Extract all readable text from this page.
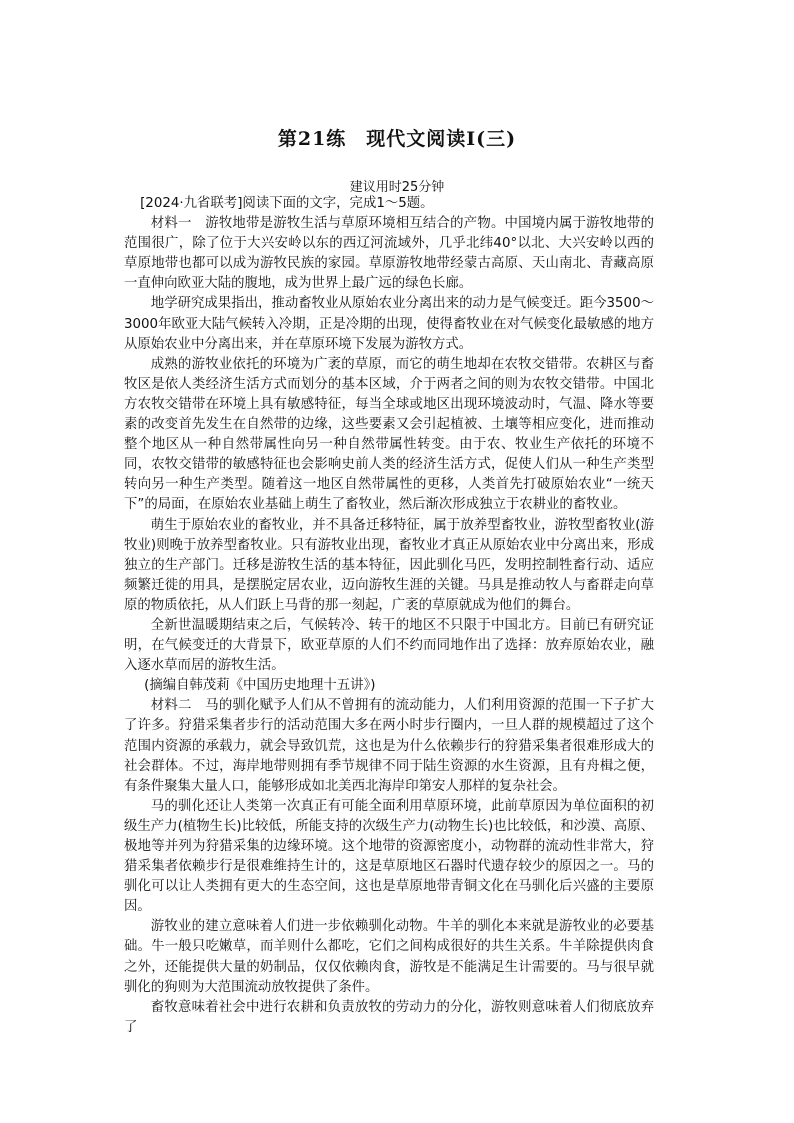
第21练　现代文阅读Ⅰ(三)
建议用时25分钟

[2024·九省联考]阅读下面的文字，完成1～5题。

材料一　游牧地带是游牧生活与草原环境相互结合的产物。中国境内属于游牧地带的范围很广，除了位于大兴安岭以东的西辽河流域外，几乎北纬40°以北、大兴安岭以西的草原地带也都可以成为游牧民族的家园。草原游牧地带经蒙古高原、天山南北、青藏高原一直伸向欧亚大陆的腹地，成为世界上最广远的绿色长廊。

地学研究成果指出，推动畜牧业从原始农业分离出来的动力是气候变迁。距今3500～3000年欧亚大陆气候转入冷期，正是冷期的出现，使得畜牧业在对气候变化最敏感的地方从原始农业中分离出来，并在草原环境下发展为游牧方式。

成熟的游牧业依托的环境为广袤的草原，而它的萌生地却在农牧交错带。农耕区与畜牧区是依人类经济生活方式而划分的基本区域，介于两者之间的则为农牧交错带。中国北方农牧交错带在环境上具有敏感特征，每当全球或地区出现环境波动时，气温、降水等要素的改变首先发生在自然带的边缘，这些要素又会引起植被、土壤等相应变化，进而推动整个地区从一种自然带属性向另一种自然带属性转变。由于农、牧业生产依托的环境不同，农牧交错带的敏感特征也会影响史前人类的经济生活方式，促使人们从一种生产类型转向另一种生产类型。随着这一地区自然带属性的更移，人类首先打破原始农业“一统天下”的局面，在原始农业基础上萌生了畜牧业，然后渐次形成独立于农耕业的畜牧业。

萌生于原始农业的畜牧业，并不具备迁移特征，属于放养型畜牧业，游牧型畜牧业(游牧业)则晚于放养型畜牧业。只有游牧业出现，畜牧业才真正从原始农业中分离出来，形成独立的生产部门。迁移是游牧生活的基本特征，因此驯化马匹，发明控制牲畜行动、适应频繁迁徙的用具，是摆脱定居农业，迈向游牧生涯的关键。马具是推动牧人与畜群走向草原的物质依托，从人们跃上马背的那一刻起，广袤的草原就成为他们的舞台。

全新世温暖期结束之后，气候转冷、转干的地区不只限于中国北方。目前已有研究证明，在气候变迁的大背景下，欧亚草原的人们不约而同地作出了选择：放弃原始农业，融入逐水草而居的游牧生活。

(摘编自韩茂莉《中国历史地理十五讲》)

材料二　马的驯化赋予人们从不曾拥有的流动能力，人们利用资源的范围一下子扩大了许多。狩猎采集者步行的活动范围大多在两小时步行圈内，一旦人群的规模超过了这个范围内资源的承载力，就会导致饥荒，这也是为什么依赖步行的狩猎采集者很难形成大的社会群体。不过，海岸地带则拥有季节规律不同于陆生资源的水生资源，且有舟楫之便，有条件聚集大量人口，能够形成如北美西北海岸印第安人那样的复杂社会。

马的驯化还让人类第一次真正有可能全面利用草原环境，此前草原因为单位面积的初级生产力(植物生长)比较低，所能支持的次级生产力(动物生长)也比较低，和沙漠、高原、极地等并列为狩猎采集的边缘环境。这个地带的资源密度小，动物群的流动性非常大，狩猎采集者依赖步行是很难维持生计的，这是草原地区石器时代遗存较少的原因之一。马的驯化可以让人类拥有更大的生态空间，这也是草原地带青铜文化在马驯化后兴盛的主要原因。

游牧业的建立意味着人们进一步依赖驯化动物。牛羊的驯化本来就是游牧业的必要基础。牛一般只吃嫩草，而羊则什么都吃，它们之间构成很好的共生关系。牛羊除提供肉食之外，还能提供大量的奶制品，仅仅依赖肉食，游牧是不能满足生计需要的。马与很早就驯化的狗则为大范围流动放牧提供了条件。

畜牧意味着社会中进行农耕和负责放牧的劳动力的分化，游牧则意味着人们彻底放弃了
